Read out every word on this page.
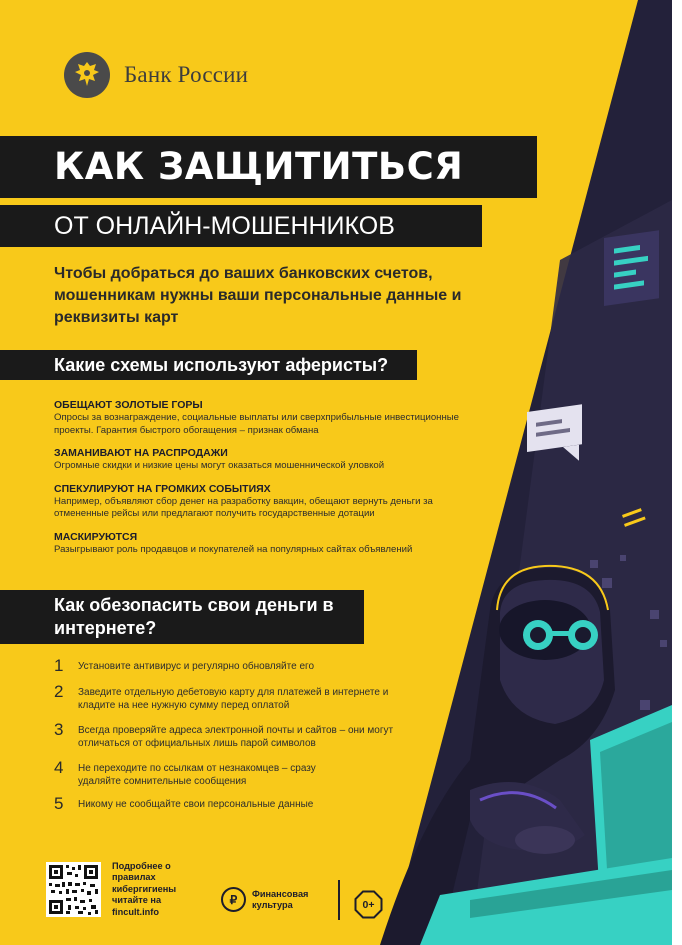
Банк России
КАК ЗАЩИТИТЬСЯ
ОТ ОНЛАЙН-МОШЕННИКОВ
Чтобы добраться до ваших банковских счетов, мошенникам нужны ваши персональные данные и реквизиты карт
Какие схемы используют аферисты?
ОБЕЩАЮТ ЗОЛОТЫЕ ГОРЫ
Опросы за вознаграждение, социальные выплаты или сверхприбыльные инвестиционные проекты. Гарантия быстрого обогащения – признак обмана
ЗАМАНИВАЮТ НА РАСПРОДАЖИ
Огромные скидки и низкие цены могут оказаться мошеннической уловкой
СПЕКУЛИРУЮТ НА ГРОМКИХ СОБЫТИЯХ
Например, объявляют сбор денег на разработку вакцин, обещают вернуть деньги за отмененные рейсы или предлагают получить государственные дотации
МАСКИРУЮТСЯ
Разыгрывают роль продавцов и покупателей на популярных сайтах объявлений
Как обезопасить свои деньги в интернете?
1	Установите антивирус и регулярно обновляйте его
2	Заведите отдельную дебетовую карту для платежей в интернете и кладите на нее нужную сумму перед оплатой
3	Всегда проверяйте адреса электронной почты и сайтов – они могут отличаться от официальных лишь парой символов
4	Не переходите по ссылкам от незнакомцев – сразу удаляйте сомнительные сообщения
5	Никому не сообщайте свои персональные данные
Подробнее о правилах кибергигиены читайте на fincult.info
₽	Финансовая культура	0+
